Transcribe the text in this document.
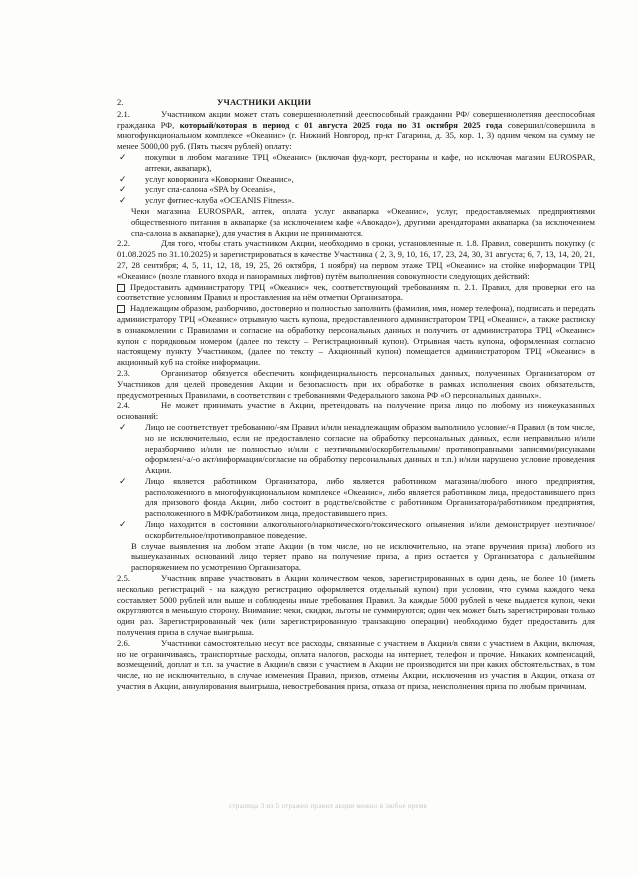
2.	УЧАСТНИКИ АКЦИИ

2.1.	Участником акции может стать совершеннолетний дееспособный гражданин РФ/ совершеннолетняя дееспособная гражданка РФ, который/которая в период с 01 августа 2025 года по 31 октября 2025 года совершил/совершила в многофункциональном комплексе «Океанис» (г. Нижний Новгород, пр-кт Гагарина, д. 35, кор. 1, 3) одним чеком на сумму не менее 5000,00 руб. (Пять тысяч рублей) оплату:

✓	покупки в любом магазине ТРЦ «Океанис» (включая фуд-корт, рестораны и кафе, но исключая магазин EUROSPAR, аптеки, аквапарк),
✓	услуг коворкинга «Коворкинг Океанис»,
✓	услуг спа-салона «SPA by Oceanis»,
✓	услуг фитнес-клуба «OCEANIS Fitness».

Чеки магазина EUROSPAR, аптек, оплата услуг аквапарка «Океанис», услуг, предоставляемых предприятиями общественного питания в аквапарке (за исключением кафе «Авокадо»), другими арендаторами аквапарка (за исключением спа-салона в аквапарке), для участия в Акции не принимаются.

2.2.	Для того, чтобы стать участником Акции, необходимо в сроки, установленные п. 1.8. Правил, совершить покупку (с 01.08.2025 по 31.10.2025) и зарегистрироваться в качестве Участника ( 2, 3, 9, 10, 16, 17, 23, 24, 30, 31 августа; 6, 7, 13, 14, 20, 21, 27, 28 сентября; 4, 5, 11, 12, 18, 19, 25, 26 октября, 1 ноября) на первом этаже ТРЦ «Океанис» на стойке информации ТРЦ «Океанис» (возле главного входа и панорамных лифтов) путём выполнения совокупности следующих действий:

Предоставить администратору ТРЦ «Океанис» чек, соответствующий требованиям п. 2.1. Правил, для проверки его на соответствие условиям Правил и проставления на нём отметки Организатора.

Надлежащим образом, разборчиво, достоверно и полностью заполнить (фамилия, имя, номер телефона), подписать и передать администратору ТРЦ «Океанис» отрывную часть купона, предоставленного администратором ТРЦ «Океанис», а также расписку в ознакомлении с Правилами и согласие на обработку персональных данных и получить от администратора ТРЦ «Океанис» купон с порядковым номером (далее по тексту – Регистрационный купон). Отрывная часть купона, оформленная согласно настоящему пункту Участником, (далее по тексту – Акционный купон) помещается администратором ТРЦ «Океанис» в акционный куб на стойке информации.

2.3.	Организатор обязуется обеспечить конфиденциальность персональных данных, полученных Организатором от Участников для целей проведения Акции и безопасность при их обработке в рамках исполнения своих обязательств, предусмотренных Правилами, в соответствии с требованиями Федерального закона РФ «О персональных данных».

2.4.	Не может принимать участие в Акции, претендовать на получение приза лицо по любому из нижеуказанных оснований:

✓	Лицо не соответствует требованию/-ям Правил и/или ненадлежащим образом выполнило условие/-я Правил (в том числе, но не исключительно, если не предоставлено согласие на обработку персональных данных, если неправильно и/или неразборчиво и/или не полностью и/или с неэтичными/оскорбительными/ противоправными записями/рисунками оформлен/-а/-о акт/информация/согласие на обработку персональных данных и т.п.) и/или нарушено условие проведения Акции.
✓	Лицо является работником Организатора, либо является работником магазина/любого иного предприятия, расположенного в многофункциональном комплексе «Океанис», либо является работником лица, предоставившего приз для призового фонда Акции, либо состоит в родстве/свойстве с работником Организатора/работником предприятия, расположенного в МФК/работником лица, предоставившего приз.
✓	Лицо находится в состоянии алкогольного/наркотического/токсического опьянения и/или демонстрирует неэтичное/оскорбительное/противоправное поведение.

В случае выявления на любом этапе Акции (в том числе, но не исключительно, на этапе вручения приза) любого из вышеуказанных оснований лицо теряет право на получение приза, а приз остается у Организатора с дальнейшим распоряжением по усмотрению Организатора.

2.5.	Участник вправе участвовать в Акции количеством чеков, зарегистрированных в один день, не более 10 (иметь несколько регистраций - на каждую регистрацию оформляется отдельный купон) при условии, что сумма каждого чека составляет 5000 рублей или выше и соблюдены иные требования Правил. За каждые 5000 рублей в чеке выдается купон, чеки округляются в меньшую сторону. Внимание: чеки, скидки, льготы не суммируются; один чек может быть зарегистрирован только один раз. Зарегистрированный чек (или зарегистрированную транзакцию операции) необходимо будет предоставить для получения приза в случае выигрыша.

2.6.	Участники самостоятельно несут все расходы, связанные с участием в Акции/в связи с участием в Акции, включая, но не ограничиваясь, транспортные расходы, оплата налогов, расходы на интернет, телефон и прочие. Никаких компенсаций, возмещений, доплат и т.п. за участие в Акции/в связи с участием в Акции не производится ни при каких обстоятельствах, в том числе, но не исключительно, в случае изменения Правил, призов, отмены Акции, исключения из участия в Акции, отказа от участия в Акции, аннулирования выигрыша, невостребования приза, отказа от приза, неисполнения приза по любым причинам.

страница 3 из 5 отражен правил акции можно в любое время
